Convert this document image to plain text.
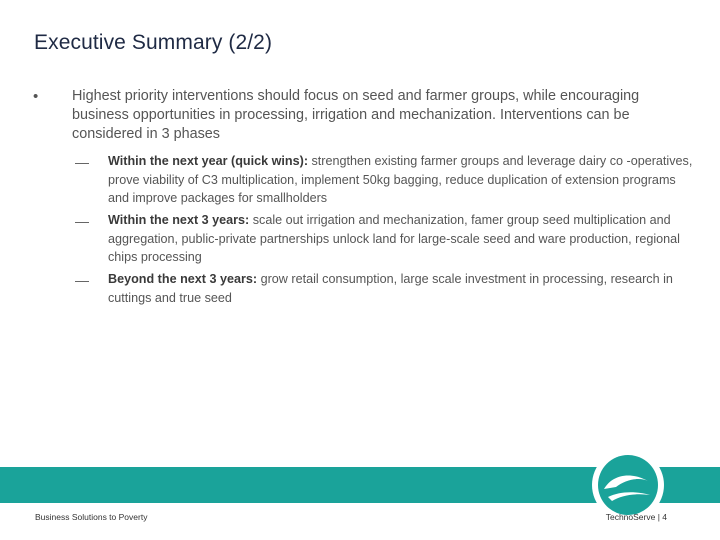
Executive Summary (2/2)
• Highest priority interventions should focus on seed and farmer groups, while encouraging business opportunities in processing, irrigation and mechanization. Interventions can be considered in 3 phases
Within the next year (quick wins): strengthen existing farmer groups and leverage dairy co -operatives, prove viability of C3 multiplication, implement 50kg bagging, reduce duplication of extension programs and improve packages for smallholders
Within the next 3 years: scale out irrigation and mechanization, famer group seed multiplication and aggregation, public-private partnerships unlock land for large-scale seed and ware production, regional chips processing
Beyond the next 3 years: grow retail consumption, large scale investment in processing, research in cuttings and true seed
Business Solutions to Poverty	TechnoServe | 4
